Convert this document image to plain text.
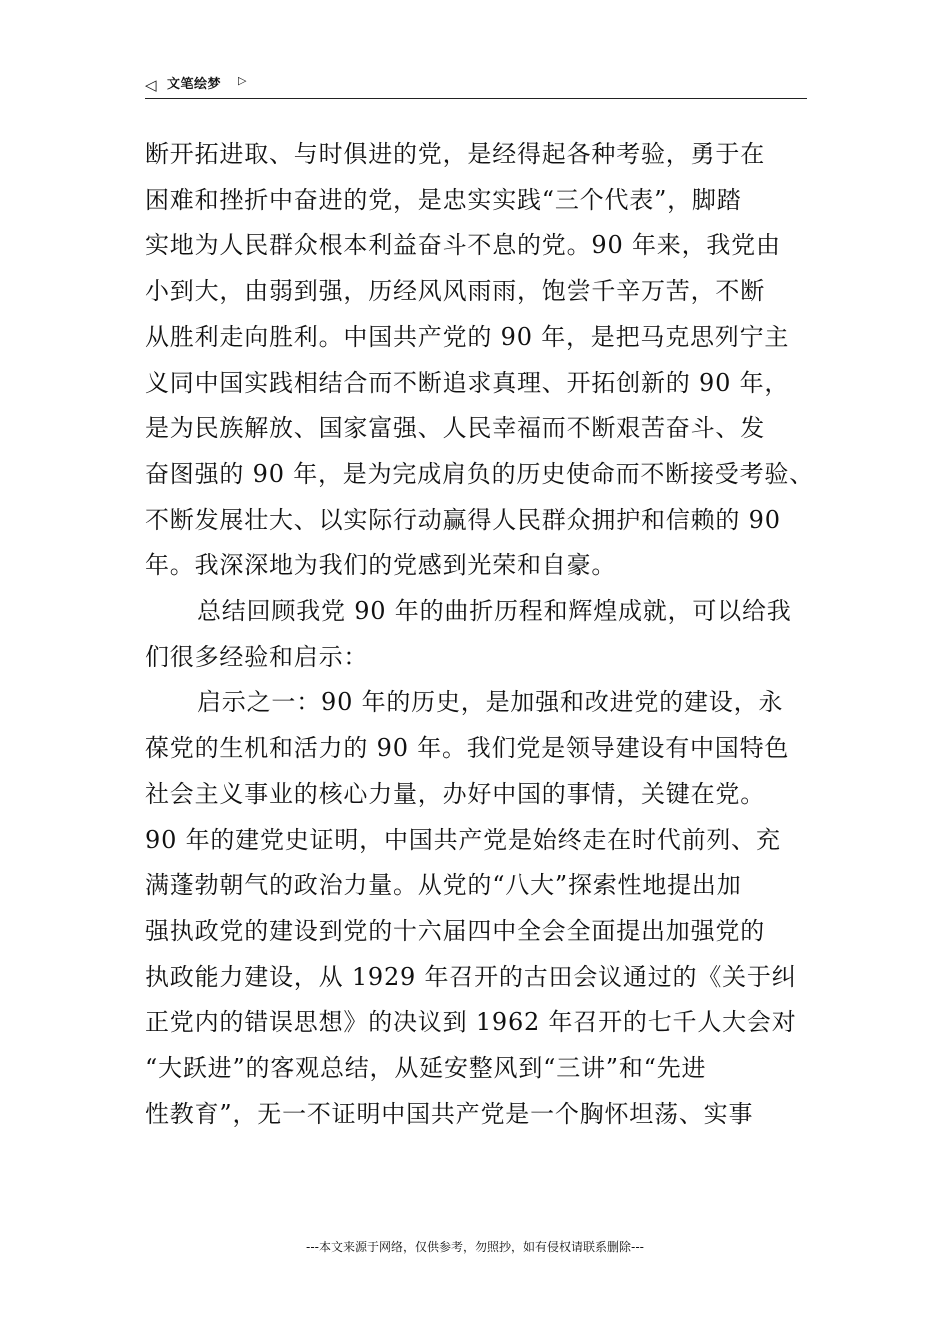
◁ 文笔绘梦 ▷

断开拓进取、与时俱进的党，是经得起各种考验，勇于在
困难和挫折中奋进的党，是忠实实践“三个代表”，脚踏
实地为人民群众根本利益奋斗不息的党。90 年来，我党由
小到大，由弱到强，历经风风雨雨，饱尝千辛万苦，不断
从胜利走向胜利。中国共产党的 90 年，是把马克思列宁主
义同中国实践相结合而不断追求真理、开拓创新的 90 年，
是为民族解放、国家富强、人民幸福而不断艰苦奋斗、发
奋图强的 90 年，是为完成肩负的历史使命而不断接受考验、
不断发展壮大、以实际行动赢得人民群众拥护和信赖的 90
年。我深深地为我们的党感到光荣和自豪。

总结回顾我党 90 年的曲折历程和辉煌成就，可以给我
们很多经验和启示：

启示之一：90 年的历史，是加强和改进党的建设，永
葆党的生机和活力的 90 年。我们党是领导建设有中国特色
社会主义事业的核心力量，办好中国的事情，关键在党。
90 年的建党史证明，中国共产党是始终走在时代前列、充
满蓬勃朝气的政治力量。从党的“八大”探索性地提出加
强执政党的建设到党的十六届四中全会全面提出加强党的
执政能力建设，从 1929 年召开的古田会议通过的《关于纠
正党内的错误思想》的决议到 1962 年召开的七千人大会对
“大跃进”的客观总结，从延安整风到“三讲”和“先进
性教育”，无一不证明中国共产党是一个胸怀坦荡、实事

---本文来源于网络，仅供参考，勿照抄，如有侵权请联系删除---
